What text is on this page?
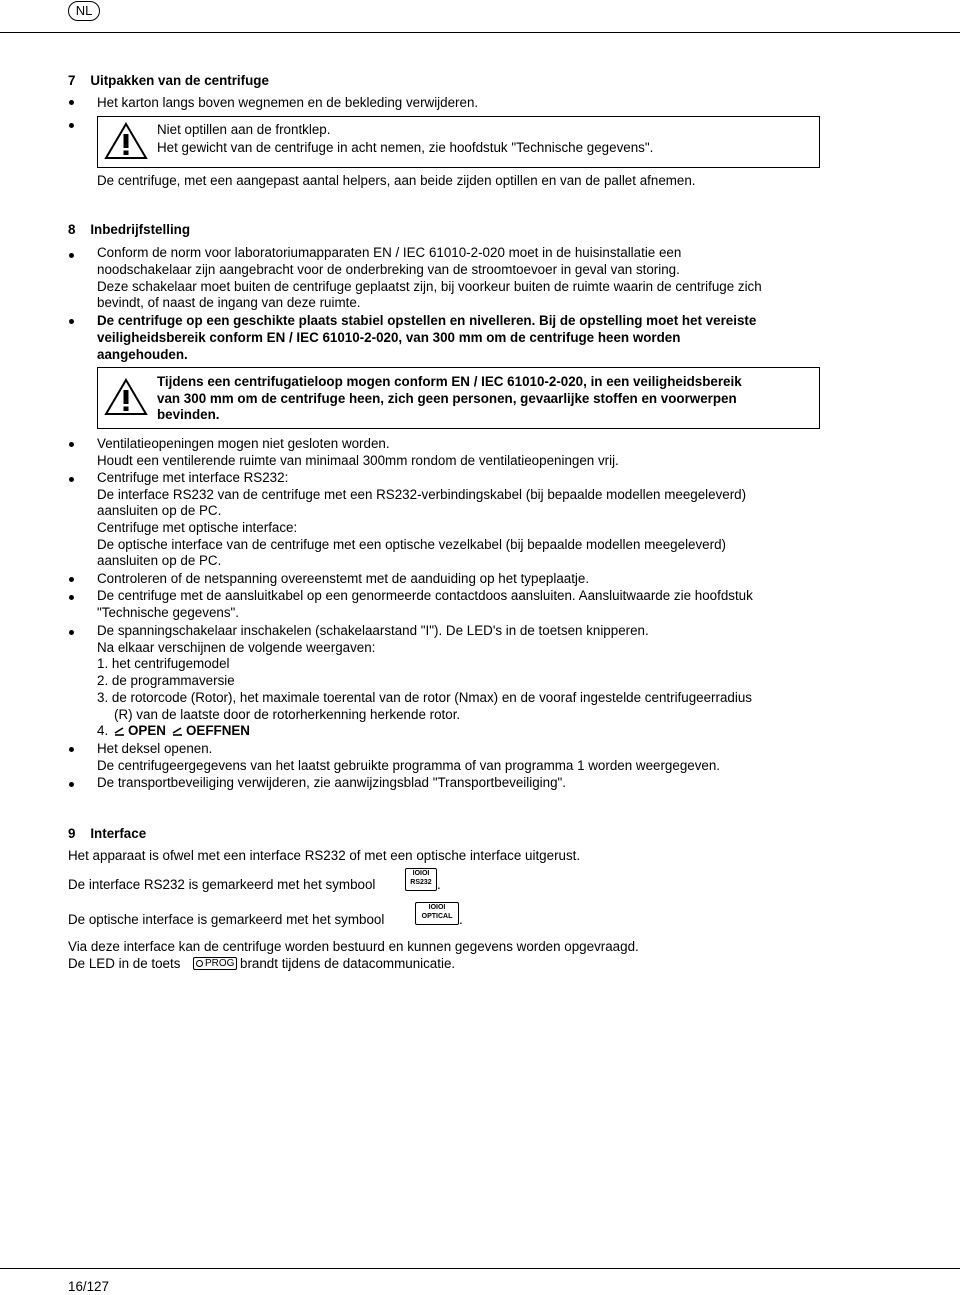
NL
7    Uitpakken van de centrifuge
Het karton langs boven wegnemen en de bekleding verwijderen.
Niet optillen aan de frontklep.
Het gewicht van de centrifuge in acht nemen, zie hoofdstuk "Technische gegevens".
De centrifuge, met een aangepast aantal helpers, aan beide zijden optillen en van de pallet afnemen.
8    Inbedrijfstelling
Conform de norm voor laboratoriumapparaten EN / IEC 61010-2-020 moet in de huisinstallatie een
noodschakelaar zijn aangebracht voor de onderbreking van de stroomtoevoer in geval van storing.
Deze schakelaar moet buiten de centrifuge geplaatst zijn, bij voorkeur buiten de ruimte waarin de centrifuge zich
bevindt, of naast de ingang van deze ruimte.
De centrifuge op een geschikte plaats stabiel opstellen en nivelleren. Bij de opstelling moet het vereiste
veiligheidsbereik conform EN / IEC 61010-2-020, van 300 mm om de centrifuge heen worden
aangehouden.
Tijdens een centrifugatieloop mogen conform EN / IEC 61010-2-020, in een veiligheidsbereik
van 300 mm om de centrifuge heen, zich geen personen, gevaarlijke stoffen en voorwerpen
bevinden.
Ventilatieopeningen mogen niet gesloten worden.
Houdt een ventilerende ruimte van minimaal 300mm rondom de ventilatieopeningen vrij.
Centrifuge met interface RS232:
De interface RS232 van de centrifuge met een RS232-verbindingskabel (bij bepaalde modellen meegeleverd)
aansluiten op de PC.
Centrifuge met optische interface:
De optische interface van de centrifuge met een optische vezelkabel (bij bepaalde modellen meegeleverd)
aansluiten op de PC.
Controleren of de netspanning overeenstemt met de aanduiding op het typeplaatje.
De centrifuge met de aansluitkabel op een genormeerde contactdoos aansluiten. Aansluitwaarde zie hoofdstuk
"Technische gegevens".
De spanningschakelaar inschakelen (schakelaarstand "I"). De LED's in de toetsen knipperen.
Na elkaar verschijnen de volgende weergaven:
1. het centrifugemodel
2. de programmaversie
3. de rotorcode (Rotor), het maximale toerental van de rotor (Nmax) en de vooraf ingestelde centrifugeerradius
(R) van de laatste door de rotorherkenning herkende rotor.
4. OPEN OEFFNEN
Het deksel openen.
De centrifugeergegevens van het laatst gebruikte programma of van programma 1 worden weergegeven.
De transportbeveiliging verwijderen, zie aanwijzingsblad "Transportbeveiliging".
9    Interface
Het apparaat is ofwel met een interface RS232 of met een optische interface uitgerust.
De interface RS232 is gemarkeerd met het symbool
IOIOI
RS232 .
De optische interface is gemarkeerd met het symbool
IOIOI
OPTICAL .
Via deze interface kan de centrifuge worden bestuurd en kunnen gegevens worden opgevraagd.
De LED in de toets	PROG brandt tijdens de datacommunicatie.
16/127
